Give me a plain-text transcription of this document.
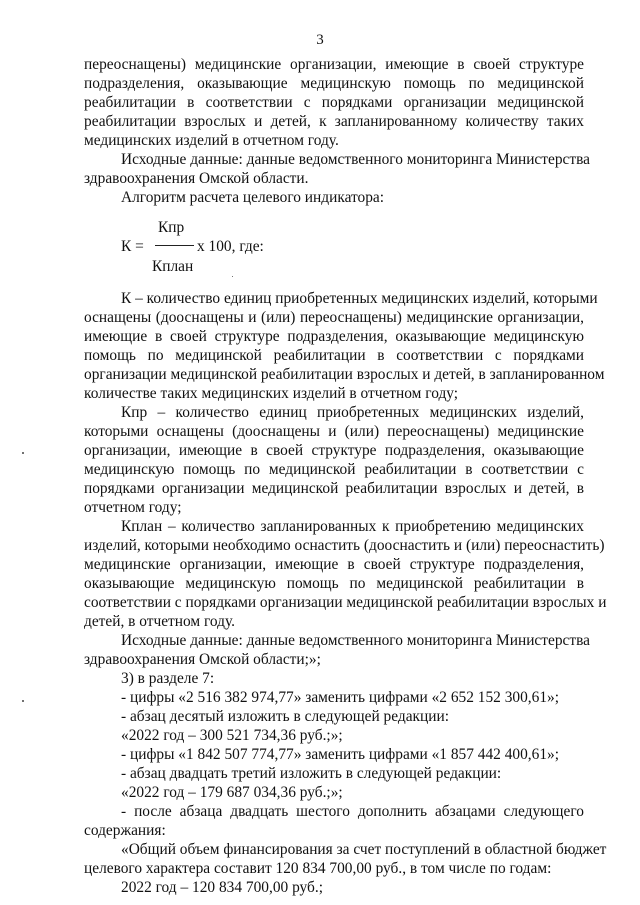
3
переоснащены) медицинские организации, имеющие в своей структуре
подразделения, оказывающие медицинскую помощь по медицинской
реабилитации в соответствии с порядками организации медицинской
реабилитации взрослых и детей, к запланированному количеству таких
медицинских изделий в отчетном году.
Исходные данные: данные ведомственного мониторинга Министерства
здравоохранения Омской области.
Алгоритм расчета целевого индикатора:
Кпр
К =	х 100, где:
Кплан
К – количество единиц приобретенных медицинских изделий, которыми
оснащены (дооснащены и (или) переоснащены) медицинские организации,
имеющие в своей структуре подразделения, оказывающие медицинскую
помощь по медицинской реабилитации в соответствии с порядками
организации медицинской реабилитации взрослых и детей, в запланированном
количестве таких медицинских изделий в отчетном году;
Кпр – количество единиц приобретенных медицинских изделий,
которыми оснащены (дооснащены и (или) переоснащены) медицинские
организации, имеющие в своей структуре подразделения, оказывающие
медицинскую помощь по медицинской реабилитации в соответствии с
порядками организации медицинской реабилитации взрослых и детей, в
отчетном году;
Кплан – количество запланированных к приобретению медицинских
изделий, которыми необходимо оснастить (дооснастить и (или) переоснастить)
медицинские организации, имеющие в своей структуре подразделения,
оказывающие медицинскую помощь по медицинской реабилитации в
соответствии с порядками организации медицинской реабилитации взрослых и
детей, в отчетном году.
Исходные данные: данные ведомственного мониторинга Министерства
здравоохранения Омской области;»;
3) в разделе 7:
- цифры «2 516 382 974,77» заменить цифрами «2 652 152 300,61»;
- абзац десятый изложить в следующей редакции:
«2022 год – 300 521 734,36 руб.;»;
- цифры «1 842 507 774,77» заменить цифрами «1 857 442 400,61»;
- абзац двадцать третий изложить в следующей редакции:
«2022 год – 179 687 034,36 руб.;»;
- после абзаца двадцать шестого дополнить абзацами следующего
содержания:
«Общий объем финансирования за счет поступлений в областной бюджет
целевого характера составит 120 834 700,00 руб., в том числе по годам:
2022 год – 120 834 700,00 руб.;
